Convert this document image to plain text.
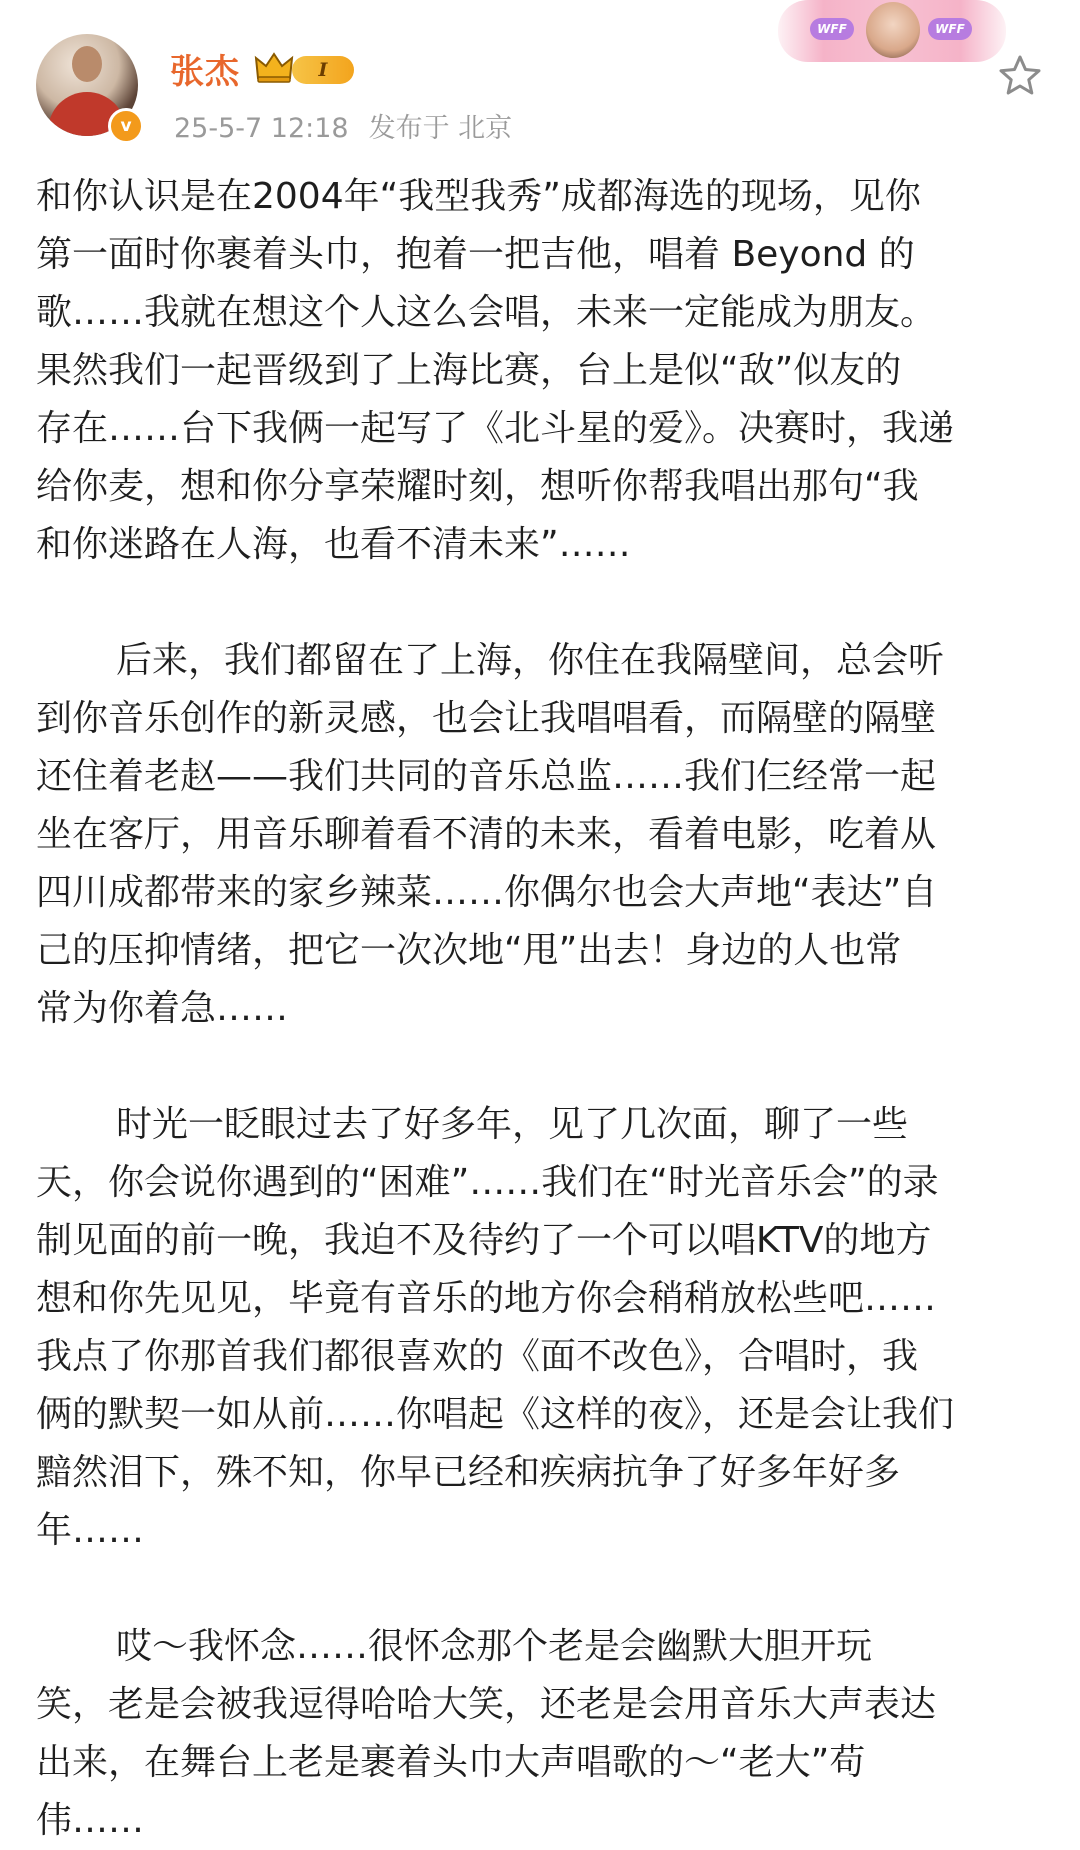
v
张杰	I
25-5-7 12:18 发布于 北京
WFF	WFF

和你认识是在2004年“我型我秀”成都海选的现场，见你
第一面时你裹着头巾，抱着一把吉他，唱着 Beyond 的
歌……我就在想这个人这么会唱，未来一定能成为朋友。
果然我们一起晋级到了上海比赛，台上是似“敌”似友的
存在……台下我俩一起写了《北斗星的爱》。决赛时，我递
给你麦，想和你分享荣耀时刻，想听你帮我唱出那句“我
和你迷路在人海，也看不清未来”……

后来，我们都留在了上海，你住在我隔壁间，总会听
到你音乐创作的新灵感，也会让我唱唱看，而隔壁的隔壁
还住着老赵——我们共同的音乐总监……我们仨经常一起
坐在客厅，用音乐聊着看不清的未来，看着电影，吃着从
四川成都带来的家乡辣菜……你偶尔也会大声地“表达”自
己的压抑情绪，把它一次次地“甩”出去！身边的人也常
常为你着急……

时光一眨眼过去了好多年，见了几次面，聊了一些
天，你会说你遇到的“困难”……我们在“时光音乐会”的录
制见面的前一晚，我迫不及待约了一个可以唱KTV的地方
想和你先见见，毕竟有音乐的地方你会稍稍放松些吧……
我点了你那首我们都很喜欢的《面不改色》，合唱时，我
俩的默契一如从前……你唱起《这样的夜》，还是会让我们
黯然泪下，殊不知，你早已经和疾病抗争了好多年好多
年……

哎～我怀念……很怀念那个老是会幽默大胆开玩
笑，老是会被我逗得哈哈大笑，还老是会用音乐大声表达
出来，在舞台上老是裹着头巾大声唱歌的～“老大”苟
伟……
